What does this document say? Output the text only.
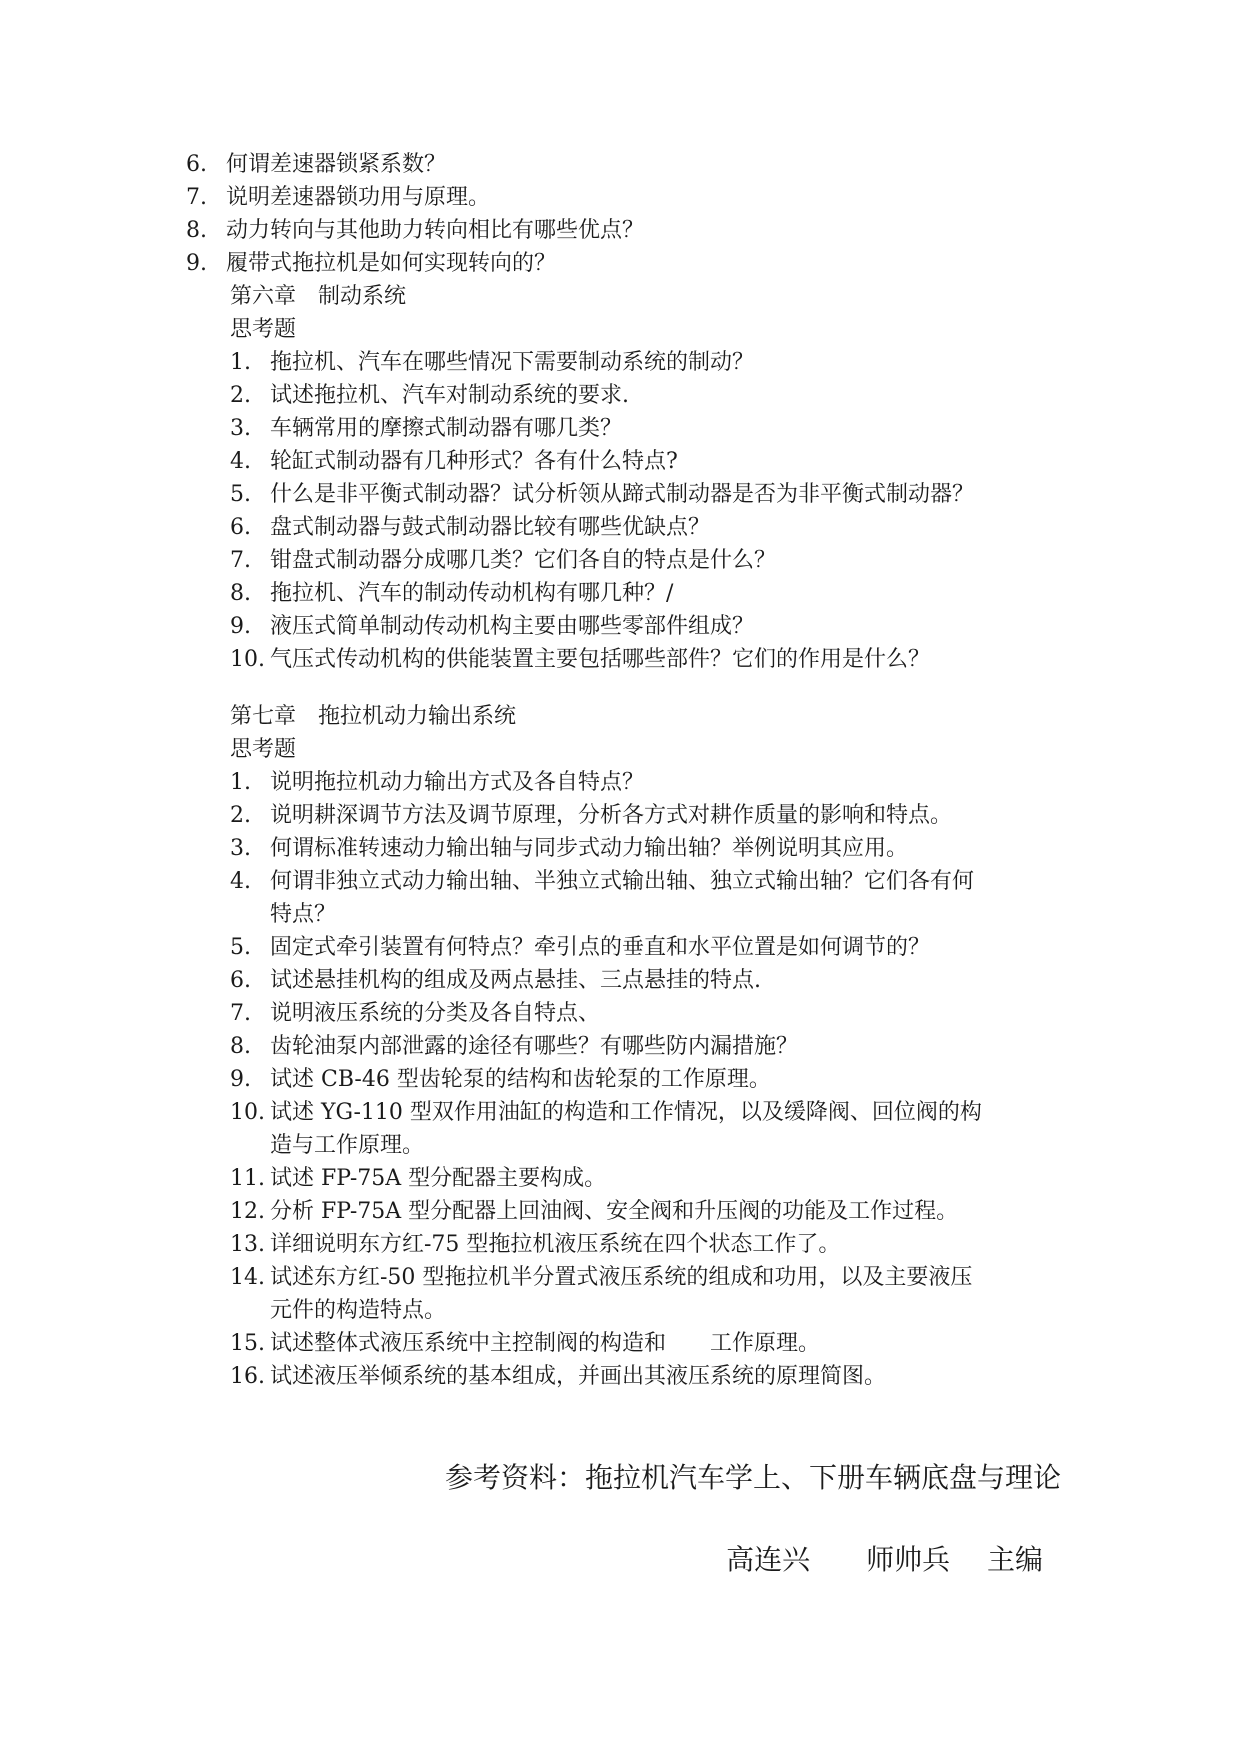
6. 何谓差速器锁紧系数？
7. 说明差速器锁功用与原理。
8. 动力转向与其他助力转向相比有哪些优点？
9. 履带式拖拉机是如何实现转向的？
第六章　制动系统
思考题
1. 拖拉机、汽车在哪些情况下需要制动系统的制动？
2. 试述拖拉机、汽车对制动系统的要求.
3. 车辆常用的摩擦式制动器有哪几类？
4. 轮缸式制动器有几种形式？各有什么特点?
5. 什么是非平衡式制动器？试分析领从蹄式制动器是否为非平衡式制动器？
6. 盘式制动器与鼓式制动器比较有哪些优缺点？
7. 钳盘式制动器分成哪几类？它们各自的特点是什么？
8. 拖拉机、汽车的制动传动机构有哪几种？/
9. 液压式简单制动传动机构主要由哪些零部件组成？
10. 气压式传动机构的供能装置主要包括哪些部件？它们的作用是什么？
第七章　拖拉机动力输出系统
思考题
1. 说明拖拉机动力输出方式及各自特点？
2. 说明耕深调节方法及调节原理，分析各方式对耕作质量的影响和特点。
3. 何谓标准转速动力输出轴与同步式动力输出轴？举例说明其应用。
4. 何谓非独立式动力输出轴、半独立式输出轴、独立式输出轴？它们各有何特点？
5. 固定式牵引装置有何特点？牵引点的垂直和水平位置是如何调节的？
6. 试述悬挂机构的组成及两点悬挂、三点悬挂的特点.
7. 说明液压系统的分类及各自特点、
8. 齿轮油泵内部泄露的途径有哪些？有哪些防内漏措施？
9. 试述 CB-46 型齿轮泵的结构和齿轮泵的工作原理。
10. 试述 YG-110 型双作用油缸的构造和工作情况，以及缓降阀、回位阀的构造与工作原理。
11. 试述 FP-75A 型分配器主要构成。
12. 分析 FP-75A 型分配器上回油阀、安全阀和升压阀的功能及工作过程。
13. 详细说明东方红-75 型拖拉机液压系统在四个状态工作了。
14. 试述东方红-50 型拖拉机半分置式液压系统的组成和功用，以及主要液压元件的构造特点。
15. 试述整体式液压系统中主控制阀的构造和　　工作原理。
16. 试述液压举倾系统的基本组成，并画出其液压系统的原理简图。
参考资料：拖拉机汽车学上、下册车辆底盘与理论
高连兴　　师帅兵　 主编
